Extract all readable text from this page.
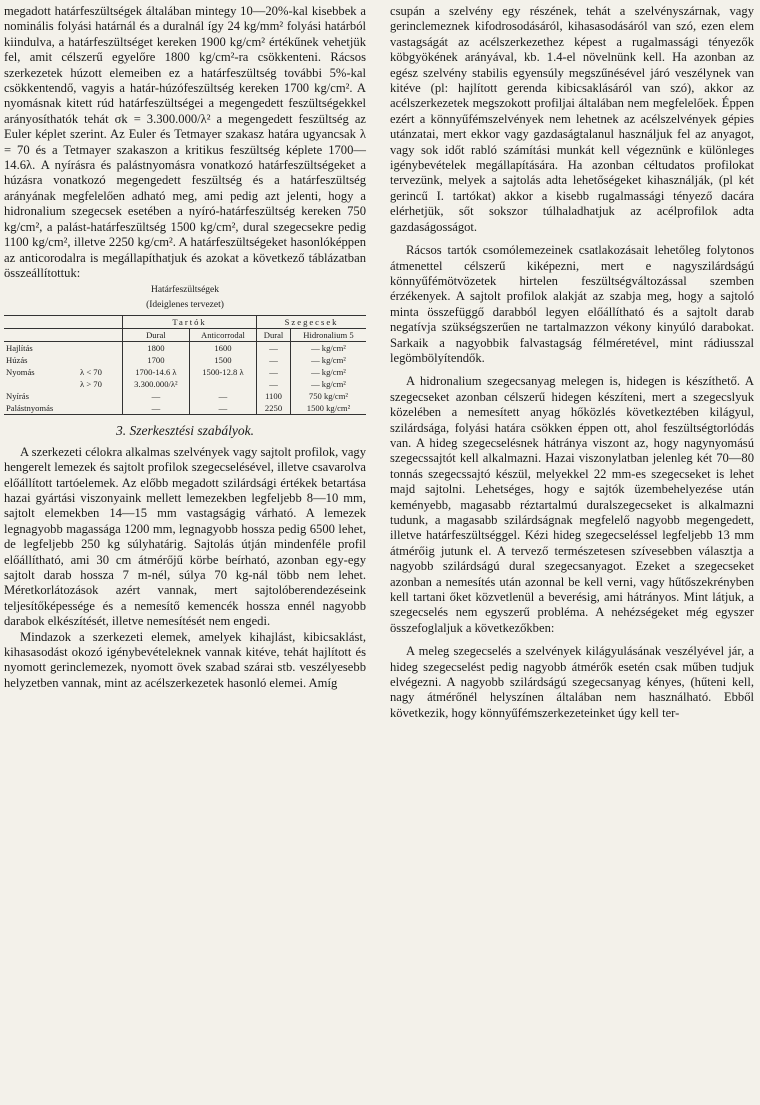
megadott határfeszültségek általában mintegy 10—20%-kal kisebbek a nominális folyási határnál és a duralnál így 24 kg/mm² folyási határból kiindulva, a határfeszültséget kereken 1900 kg/cm² értékűnek vehetjük fel, amit célszerű egyelőre 1800 kg/cm²-ra csökkenteni. Rácsos szerkezetek húzott elemeiben ez a határfeszültség további 5%-kal csökkentendő, vagyis a határ-húzófeszültség kereken 1700 kg/cm². A nyomásnak kitett rúd határfeszültségei a megengedett feszültségekkel arányosíthatók tehát σk = 3.300.000/λ² a megengedett feszültség az Euler képlet szerint. Az Euler és Tetmayer szakasz határa ugyancsak λ = 70 és a Tetmayer szakaszon a kritikus feszültség képlete 1700— 14.6λ. A nyírásra és palástnyomásra vonatkozó határfeszültségeket a húzásra vonatkozó megengedett feszültség és a határfeszültség arányának megfelelően adható meg, ami pedig azt jelenti, hogy a hidronalium szegecsek esetében a nyíró-határfeszültség kereken 750 kg/cm², a palást-határfeszültség 1500 kg/cm², dural szegecsekre pedig 1100 kg/cm², illetve 2250 kg/cm². A határfeszültségeket hasonlóképpen az anticorodalra is megállapíthatjuk és azokat a következő táblázatban összeállítottuk:

Határfeszültségek
(Ideiglenes tervezet)
		Tartók		Szegecsek	
		Dural	Anticorrodal	Dural	Hidronalium 5
Hajlítás		1800	1600	—	— kg/cm²
Húzás		1700	1500	—	— kg/cm²
Nyomás	λ < 70	1700-14.6 λ	1500-12.8 λ	—	— kg/cm²
	λ > 70	3.300.000/λ²		—	— kg/cm²
Nyírás		—	—	1100	750 kg/cm²
Palástnyomás		—	—	2250	1500 kg/cm²
3. Szerkesztési szabályok.

A szerkezeti célokra alkalmas szelvények vagy sajtolt profilok, vagy hengerelt lemezek és sajtolt profilok szegecselésével, illetve csavarolva előállított tartóelemek. Az előbb megadott szilárdsági értékek betartása hazai gyártási viszonyaink mellett lemezekben legfeljebb 8—10 mm, sajtolt elemekben 14—15 mm vastagságig várható. A lemezek legnagyobb magassága 1200 mm, legnagyobb hossza pedig 6500 lehet, de legfeljebb 250 kg súlyhatárig. Sajtolás útján mindenféle profil előállítható, ami 30 cm átmérőjű körbe beírható, azonban egy-egy sajtolt darab hossza 7 m-nél, súlya 70 kg-nál több nem lehet. Méretkorlátozások azért vannak, mert sajtolóberendezéseink teljesítőképessége és a nemesítő kemencék hossza ennél nagyobb darabok elkészítését, illetve nemesítését nem engedi.

Mindazok a szerkezeti elemek, amelyek kihajlást, kibicsaklást, kihasasodást okozó igénybevételeknek vannak kitéve, tehát hajlított és nyomott gerinclemezek, nyomott övek szabad szárai stb. veszélyesebb helyzetben vannak, mint az acélszerkezetek hasonló elemei. Amíg

csupán a szelvény egy részének, tehát a szelvényszárnak, vagy gerinclemeznek kifodrosodásáról, kihasasodásáról van szó, ezen elem vastagságát az acélszerkezethez képest a rugalmassági tényezők köbgyökének arányával, kb. 1.4-el növelnünk kell. Ha azonban az egész szelvény stabilis egyensúly megszűnésével járó veszélynek van kitéve (pl: hajlított gerenda kibicsaklásáról van szó), akkor az acélszerkezetek megszokott profiljai általában nem megfelelőek. Éppen ezért a könnyűfémszelvények nem lehetnek az acélszelvények gépies utánzatai, mert ekkor vagy gazdaságtalanul használjuk fel az anyagot, vagy sok időt rabló számítási munkát kell végeznünk e különleges igénybevételek megállapítására. Ha azonban céltudatos profilokat tervezünk, melyek a sajtolás adta lehetőségeket kihasználják, (pl két gerincű I. tartókat) akkor a kisebb rugalmassági tényező dacára elérhetjük, sőt sokszor túlhaladhatjuk az acélprofilok adta gazdaságosságot.

Rácsos tartók csomólemezeinek csatlakozásait lehetőleg folytonos átmenettel célszerű kiképezni, mert e nagyszilárdságú könnyűfémötvözetek hirtelen feszültségváltozással szemben érzékenyek. A sajtolt profilok alakját az szabja meg, hogy a sajtoló minta összefüggő darabból legyen előállítható és a sajtolt darab negatívja szükségszerűen ne tartalmazzon vékony kinyúló darabokat. Sarkaik a nagyobbik falvastagság félméretével, mint rádiusszal legömbölyítendők.

A hidronalium szegecsanyag melegen is, hidegen is készíthető. A szegecseket azonban célszerű hidegen készíteni, mert a szegecslyuk közelében a nemesített anyag hőközlés következtében kilágyul, szilárdsága, folyási határa csökken éppen ott, ahol feszültségtorlódás van. A hideg szegecselésnek hátránya viszont az, hogy nagynyomású szegecssajtót kell alkalmazni. Hazai viszonylatban jelenleg két 70—80 tonnás szegecssajtó készül, melyekkel 22 mm-es szegecseket is lehet majd sajtolni. Lehetséges, hogy e sajtók üzembehelyezése után keményebb, magasabb réztartalmú duralszegecseket is alkalmazni tudunk, a magasabb szilárdságnak megfelelő nagyobb megengedett, illetve határfeszültséggel. Kézi hideg szegecseléssel legfeljebb 13 mm átmérőig jutunk el. A tervező természetesen szívesebben választja a nagyobb szilárdságú dural szegecsanyagot. Ezeket a szegecseket azonban a nemesítés után azonnal be kell verni, vagy hűtőszekrényben kell tartani őket közvetlenül a beverésig, ami hátrányos. Mint látjuk, a szegecselés nem egyszerű probléma. A nehézségeket még egyszer összefoglaljuk a következőkben:

A meleg szegecselés a szelvények kilágyulásának veszélyével jár, a hideg szegecselést pedig nagyobb átmérők esetén csak műben tudjuk elvégezni. A nagyobb szilárdságú szegecsanyag kényes, (hűteni kell, nagy átmérőnél helyszínen általában nem használható. Ebből következik, hogy könnyűfémszerkezeteinket úgy kell ter-
